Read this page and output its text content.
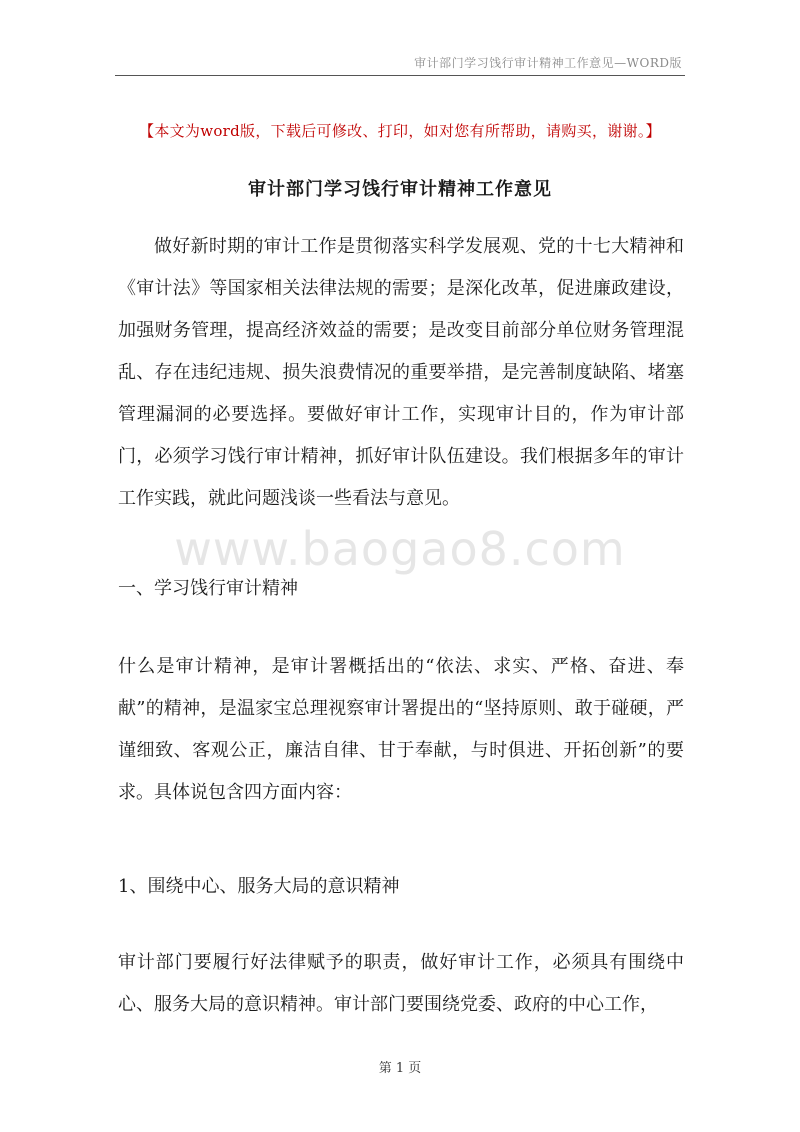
审计部门学习饯行审计精神工作意见—WORD版
【本文为word版，下载后可修改、打印，如对您有所帮助，请购买，谢谢。】
审计部门学习饯行审计精神工作意见

做好新时期的审计工作是贯彻落实科学发展观、党的十七大精神和《审计法》等国家相关法律法规的需要；是深化改革，促进廉政建设，加强财务管理，提高经济效益的需要；是改变目前部分单位财务管理混乱、存在违纪违规、损失浪费情况的重要举措，是完善制度缺陷、堵塞管理漏洞的必要选择。要做好审计工作，实现审计目的，作为审计部门，必须学习饯行审计精神，抓好审计队伍建设。我们根据多年的审计工作实践，就此问题浅谈一些看法与意见。

www.baogao8.com

一、学习饯行审计精神

什么是审计精神，是审计署概括出的“依法、求实、严格、奋进、奉献”的精神，是温家宝总理视察审计署提出的“坚持原则、敢于碰硬，严谨细致、客观公正，廉洁自律、甘于奉献，与时俱进、开拓创新”的要求。具体说包含四方面内容：

1、围绕中心、服务大局的意识精神

审计部门要履行好法律赋予的职责，做好审计工作，必须具有围绕中心、服务大局的意识精神。审计部门要围绕党委、政府的中心工作，

第 1 页
